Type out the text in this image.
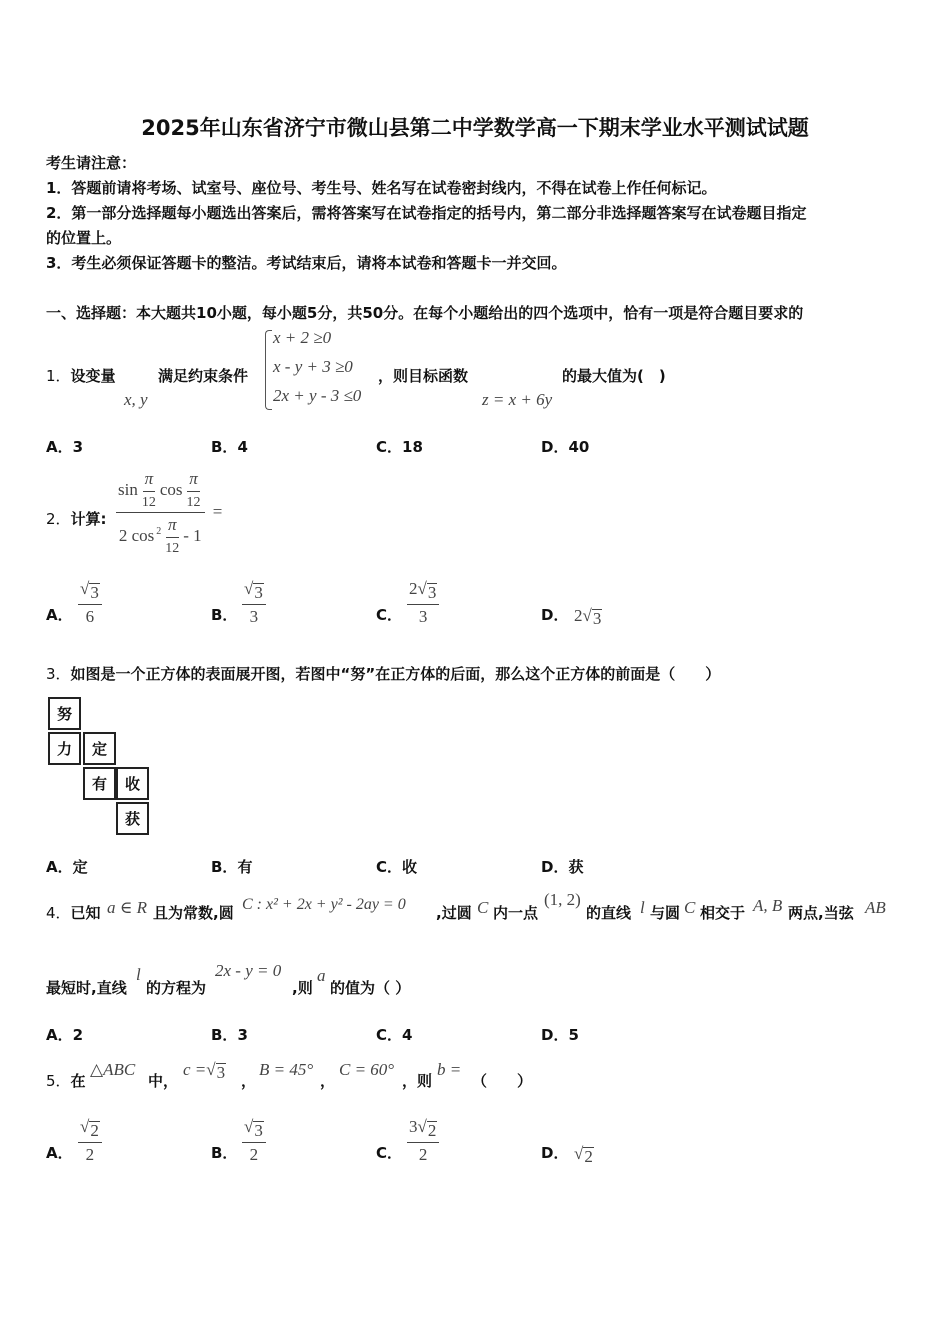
2025年山东省济宁市微山县第二中学数学高一下期末学业水平测试试题
考生请注意：
1．答题前请将考场、试室号、座位号、考生号、姓名写在试卷密封线内，不得在试卷上作任何标记。
2．第一部分选择题每小题选出答案后，需将答案写在试卷指定的括号内，第二部分非选择题答案写在试卷题目指定
的位置上。
3．考生必须保证答题卡的整洁。考试结束后，请将本试卷和答题卡一并交回。
一、选择题：本大题共10小题，每小题5分，共50分。在每个小题给出的四个选项中，恰有一项是符合题目要求的
1．设变量	满足约束条件	，则目标函数	的最大值为(　)
x, y
x + 2 ≥0
x - y + 3 ≥0
2x + y - 3 ≤0	z = x + 6y
A．3	B．4	C．18	D．40
2．计算: $\frac{\sin \frac{\pi}{12} \cos \frac{\pi}{12}}{2 \cos^2 \frac{\pi}{12} - 1}$ =
A． $\frac{√ 3}{6}$	B． $\frac{√ 3}{3}$	C． $\frac{2 √ 3}{3}$	D． 2 √ 3
3．如图是一个正方体的表面展开图，若图中“努”在正方体的后面，那么这个正方体的前面是（　　）
努
力	定
有	收
获
A．定	B．有	C．收	D．获
4．已知 a ∈ R 且为常数,圆 C : x² + 2x + y² - 2ay = 0 ,过圆 C 内一点
(1, 2)
的直线 l 与圆 C 相交于 A, B 两点,当弦 AB
最短时,直线
l
的方程为
2x - y = 0
,则
a
的值为（ ）
A．2	B．3	C．4	D．5
5．在
△ABC
中，
c = √ 3 ，
B = 45°
，
C = 60°
，则
b =
（　　）
A． $\frac{√ 2}{2}$	B． $\frac{√ 3}{2}$	C． $\frac{3 √ 2}{2}$	D． √ 2
